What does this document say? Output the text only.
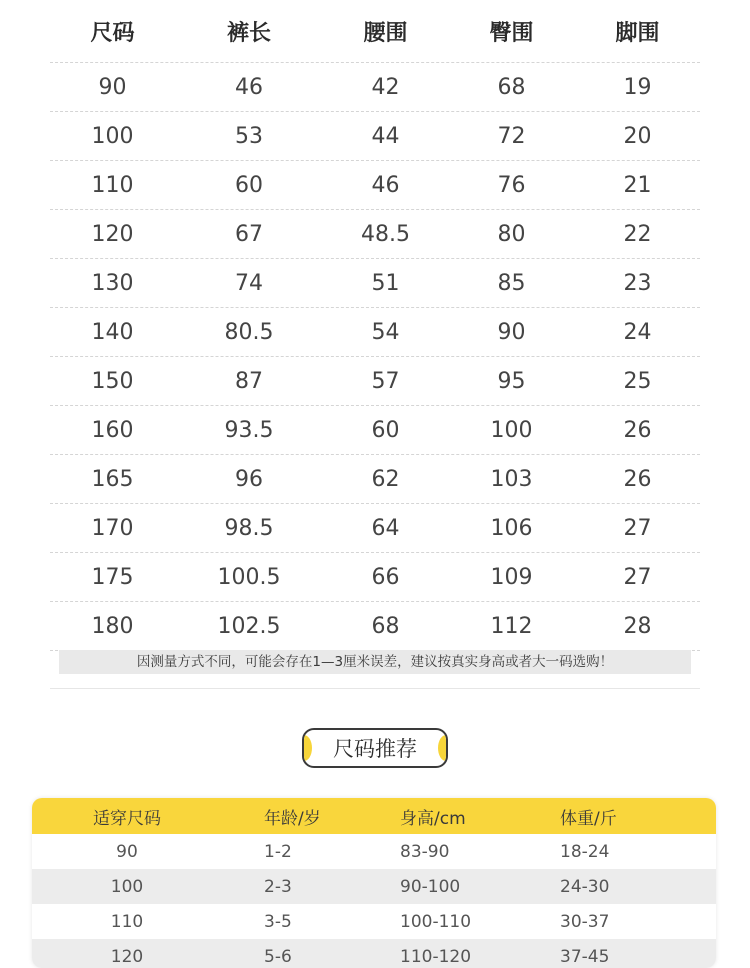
尺码	裤长	腰围	臀围	脚围
90	46	42	68	19
100	53	44	72	20
110	60	46	76	21
120	67	48.5	80	22
130	74	51	85	23
140	80.5	54	90	24
150	87	57	95	25
160	93.5	60	100	26
165	96	62	103	26
170	98.5	64	106	27
175	100.5	66	109	27
180	102.5	68	112	28
因测量方式不同，可能会存在1—3厘米误差，建议按真实身高或者大一码选购！
尺码推荐
适穿尺码	年龄/岁	身高/cm	体重/斤
90	1-2	83-90	18-24
100	2-3	90-100	24-30
110	3-5	100-110	30-37
120	5-6	110-120	37-45
